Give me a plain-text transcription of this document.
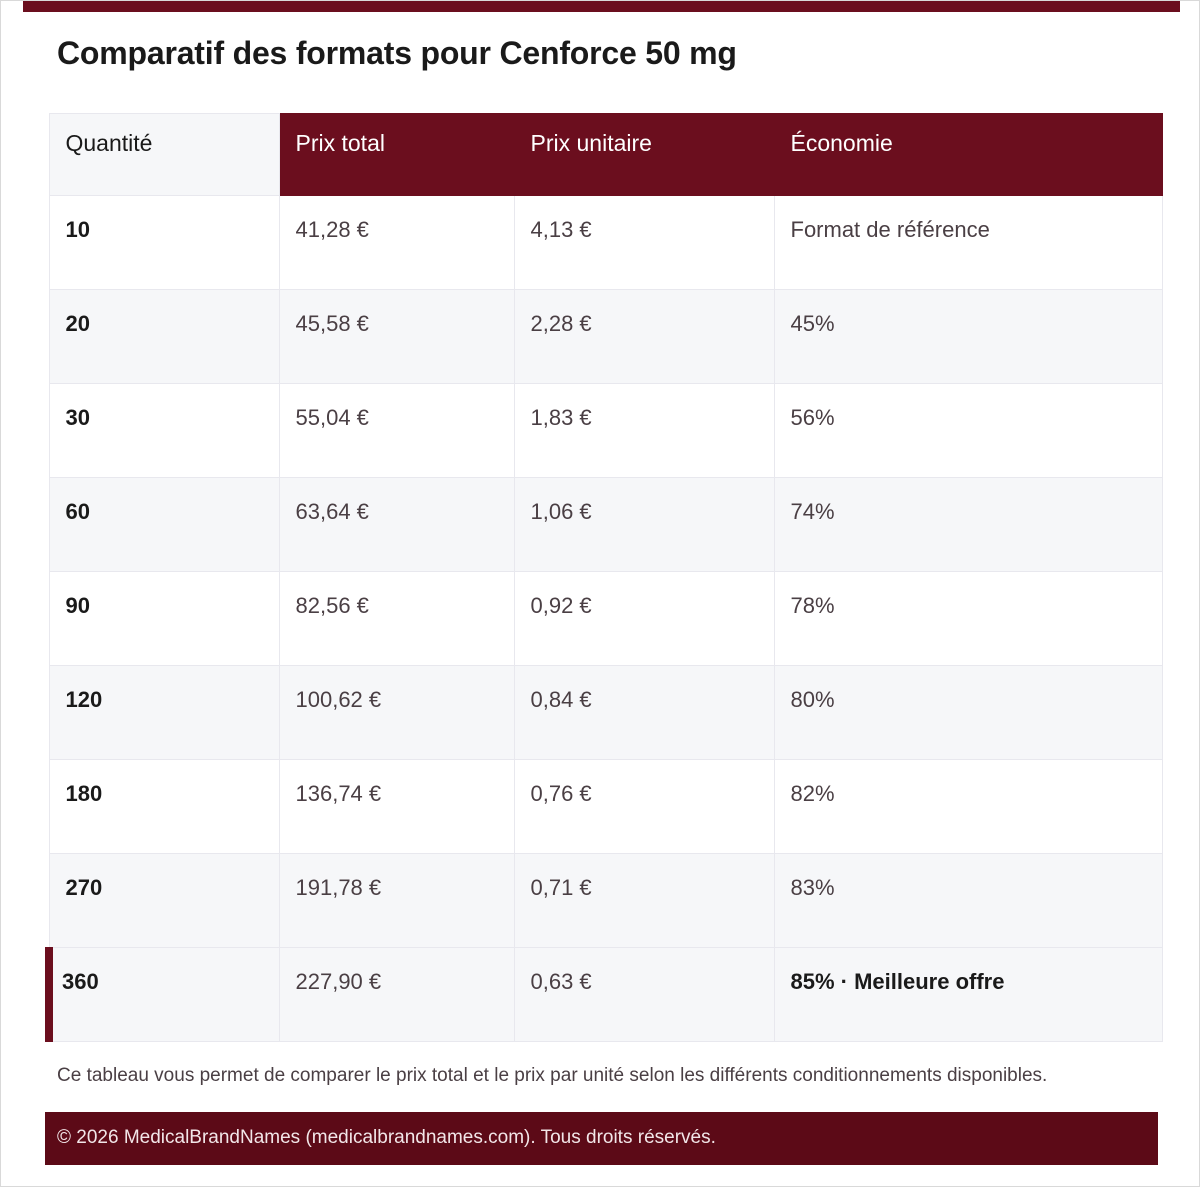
Comparatif des formats pour Cenforce 50 mg
Quantité	Prix total	Prix unitaire	Économie
10	41,28 €	4,13 €	Format de référence
20	45,58 €	2,28 €	45%
30	55,04 €	1,83 €	56%
60	63,64 €	1,06 €	74%
90	82,56 €	0,92 €	78%
120	100,62 €	0,84 €	80%
180	136,74 €	0,76 €	82%
270	191,78 €	0,71 €	83%
360	227,90 €	0,63 €	85% · Meilleure offre

Ce tableau vous permet de comparer le prix total et le prix par unité selon les différents conditionnements disponibles.

© 2026 MedicalBrandNames (medicalbrandnames.com). Tous droits réservés.
